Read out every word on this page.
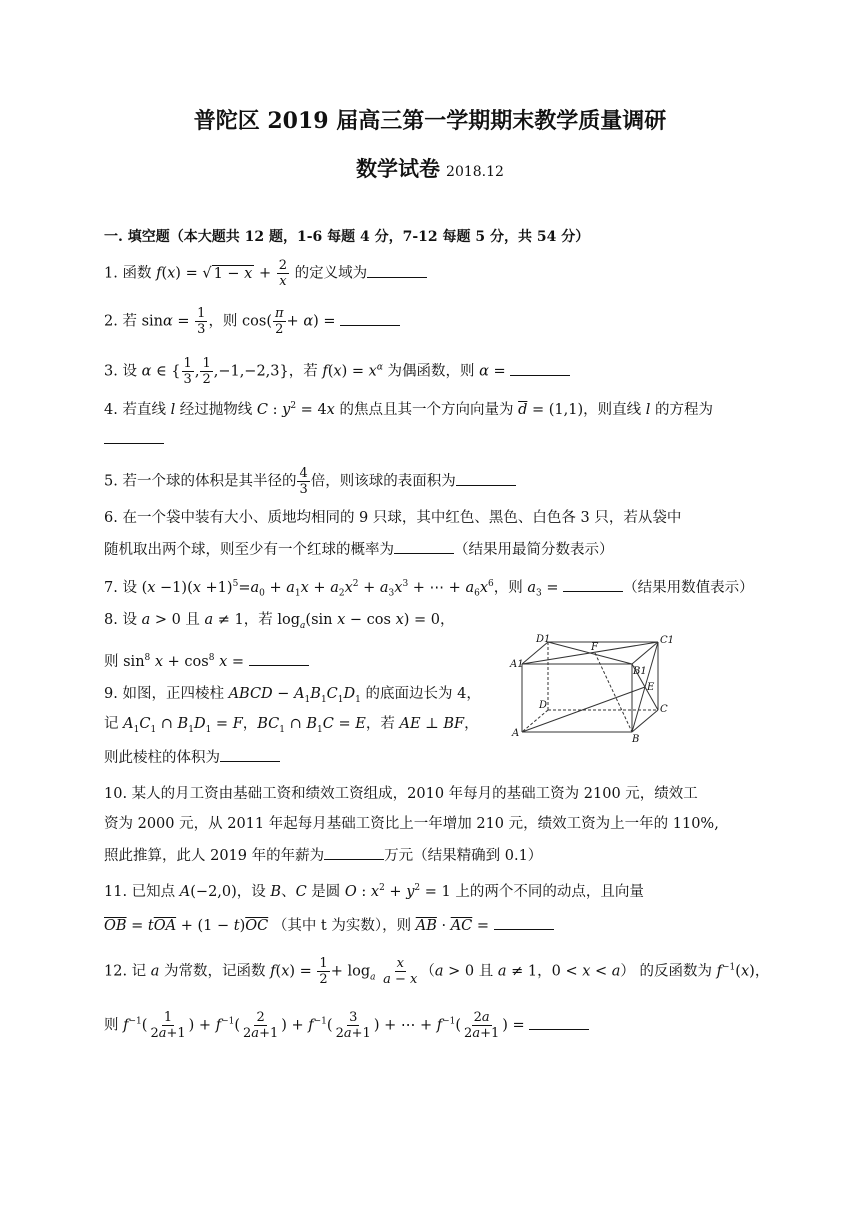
普陀区 2019 届高三第一学期期末教学质量调研
数学试卷 2018.12
一. 填空题（本大题共 12 题，1-6 每题 4 分，7-12 每题 5 分，共 54 分）
1. 函数 f(x) = √ $1 - x + \frac{2}{x}$ 的定义域为
2. 若 $\sin\alpha = \frac{1}{3}$ ，则 $\cos( \frac{\pi}{2} + \alpha)$ =
3. 设 α ∈ { $\frac{1}{3}$ , $\frac{1}{2} ,-1,-2,3$}，若 $f(x) = x^\alpha$ 为偶函数，则 α =
4. 若直线 l 经过抛物线 C : $y^2 = 4x$ 的焦点且其一个方向向量为 $\overline{d} = (1,1)$，则直线 l 的方程为
5. 若一个球的体积是其半径的 $\frac{4}{3}$ 倍，则该球的表面积为
6. 在一个袋中装有大小、质地均相同的 9 只球，其中红色、黑色、白色各 3 只，若从袋中
随机取出两个球，则至少有一个红球的概率为	（结果用最简分数表示）
7. 设 $(x -1)(x +1)^5=a_0 + a_1x + a_2x^2 + a_3x^3$ + ⋯ + $a_6x^6$，则 $a_3$ =	（结果用数值表示）
8. 设 a > 0 且 a ≠ 1，若 $\log_a(\sin$ x − cos x) = 0，
则 $\sin^8 x + \cos^8 x$ =
9. 如图，正四棱柱 ABCD − $A_1B_1C_1D_1$ 的底面边长为 4，
记 $A_1C_1$ ∩ $B_1D_1 = F$，$BC_1$ ∩ $B_1C = E$，若 AE ⊥ BF，
则此棱柱的体积为
D1
F
C1
A1
B1
E
D	C
A
B
10. 某人的月工资由基础工资和绩效工资组成，2010 年每月的基础工资为 2100 元，绩效工
资为 2000 元，从 2011 年起每月基础工资比上一年增加 210 元，绩效工资为上一年的 110%,
照此推算，此人 2019 年的年薪为	万元（结果精确到 0.1）
11. 已知点 A(−2,0)，设 B、C 是圆 O : $x^2 + y^2 = 1$ 上的两个不同的动点，且向量
$\overline{OB} = t\overline{OA} + (1 - t)\overline{OC}$ （其中 t 为实数），则 $\overline{AB} \cdot \overline{AC}$ =
12. 记 a 为常数，记函数 $f(x) = \frac{1}{2} + \log_a \frac{x}{a - x} (a > 0$ 且 a ≠ 1，0 < x < a） 的反函数为 $f^{-1}(x)$，
则 $f^{-1}( \frac{1}{2a+1}$ ) + $f^{-1}( \frac{2}{2a+1}$ ) + $f^{-1}( \frac{3}{2a+1}$ ) + ⋯ + $f^{-1}( \frac{2a}{2a+1}$ ) =
